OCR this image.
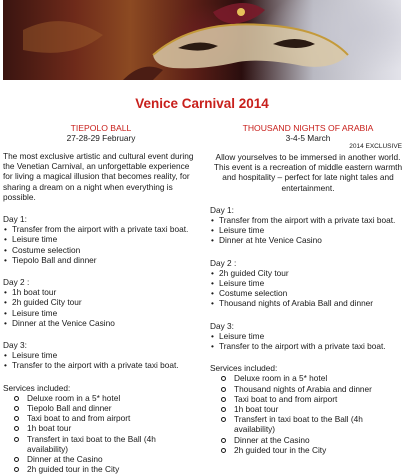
Venice Carnival 2014
TIEPOLO BALL
27-28-29 February

The most exclusive artistic and cultural event during the Venetian Carnival, an unforgettable experience for living a magical illusion that becomes reality, for sharing a dream on a night when everything is possible.

Day 1:

• Transfer from the airport with a private taxi boat.
• Leisure time
• Costume selection
• Tiepolo Ball and dinner

Day 2 :

• 1h boat tour
• 2h guided City tour
• Leisure time
• Dinner at the Venice Casino

Day 3:

• Leisure time
• Transfer to the airport with a private taxi boat.

Services included:

Deluxe room in a 5* hotel
Tiepolo Ball and dinner
Taxi boat to and from airport
1h boat tour
Transfert in taxi boat to the Ball (4h availability)
Dinner at the Casino
2h guided tour in the City
THOUSAND NIGHTS OF ARABIA
3-4-5 March
2014 EXCLUSIVE

Allow yourselves to be immersed in another world. This event is a recreation of middle eastern warmth and hospitality – perfect for late night tales and entertainment.

Day 1:

• Transfer from the airport with a private taxi boat.
• Leisure time
• Dinner at hte Venice Casino

Day 2 :

• 2h guided City tour
• Leisure time
• Costume selection
• Thousand nights of Arabia Ball and dinner

Day 3:

• Leisure time
• Transfer to the airport with a private taxi boat.

Services included:

Deluxe room in a 5* hotel
Thousand nights of Arabia and dinner
Taxi boat to and from airport
1h boat tour
Transfert in taxi boat to the Ball (4h availability)
Dinner at the Casino
2h guided tour in the City
